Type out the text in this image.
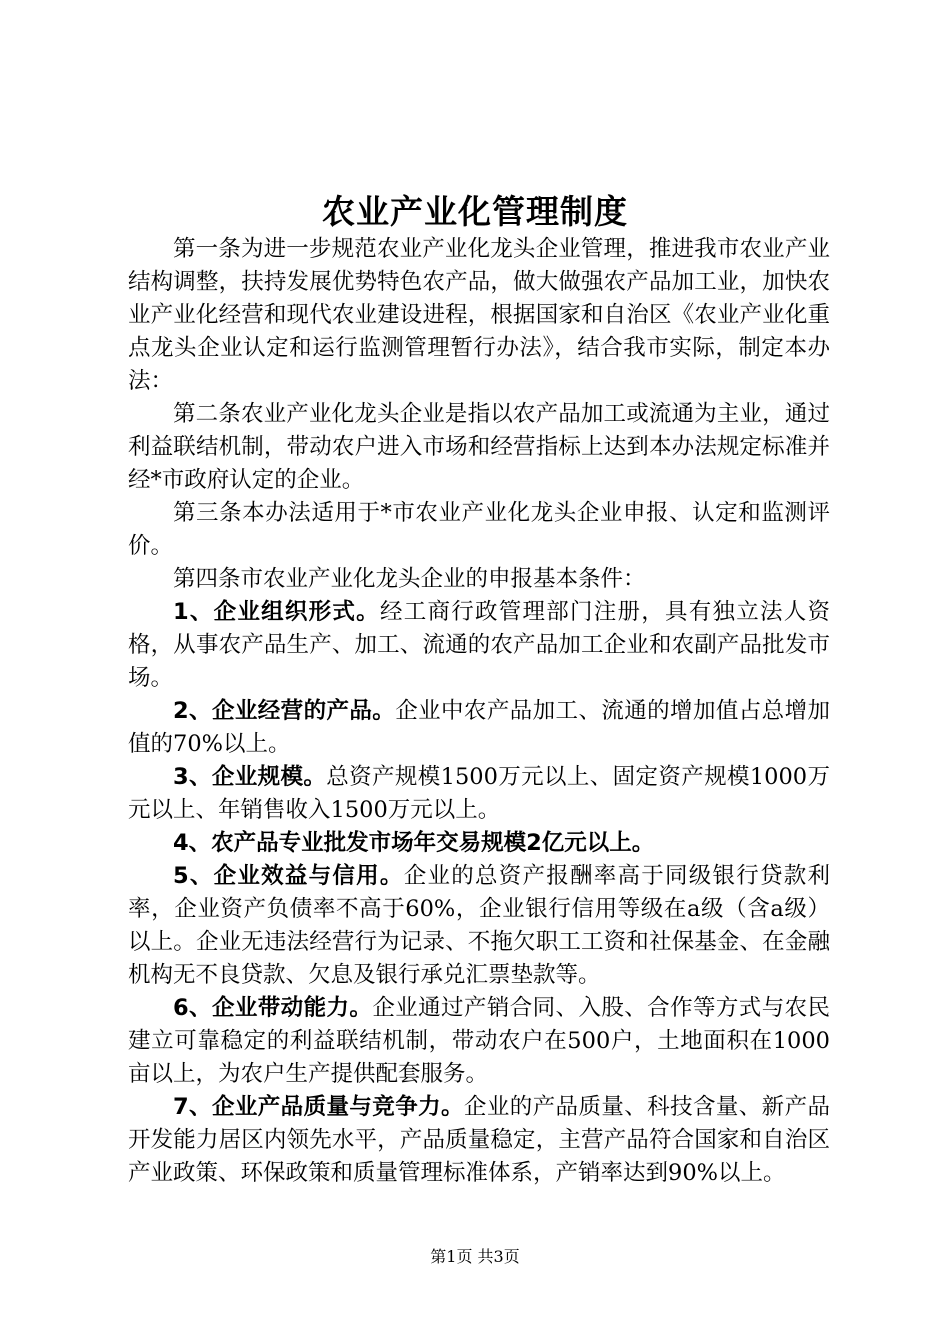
农业产业化管理制度

第一条为进一步规范农业产业化龙头企业管理，推进我市农业产业结构调整，扶持发展优势特色农产品，做大做强农产品加工业，加快农业产业化经营和现代农业建设进程，根据国家和自治区《农业产业化重点龙头企业认定和运行监测管理暂行办法》，结合我市实际，制定本办法：

第二条农业产业化龙头企业是指以农产品加工或流通为主业，通过利益联结机制，带动农户进入市场和经营指标上达到本办法规定标准并经*市政府认定的企业。

第三条本办法适用于*市农业产业化龙头企业申报、认定和监测评价。

第四条市农业产业化龙头企业的申报基本条件：

1、企业组织形式。经工商行政管理部门注册，具有独立法人资格，从事农产品生产、加工、流通的农产品加工企业和农副产品批发市场。

2、企业经营的产品。企业中农产品加工、流通的增加值占总增加值的70%以上。

3、企业规模。总资产规模1500万元以上、固定资产规模1000万元以上、年销售收入1500万元以上。

4、农产品专业批发市场年交易规模2亿元以上。

5、企业效益与信用。企业的总资产报酬率高于同级银行贷款利率，企业资产负债率不高于60%，企业银行信用等级在a级（含a级）以上。企业无违法经营行为记录、不拖欠职工工资和社保基金、在金融机构无不良贷款、欠息及银行承兑汇票垫款等。

6、企业带动能力。企业通过产销合同、入股、合作等方式与农民建立可靠稳定的利益联结机制，带动农户在500户，土地面积在1000亩以上，为农户生产提供配套服务。

7、企业产品质量与竞争力。企业的产品质量、科技含量、新产品开发能力居区内领先水平，产品质量稳定，主营产品符合国家和自治区产业政策、环保政策和质量管理标准体系，产销率达到90%以上。

第1页 共3页
